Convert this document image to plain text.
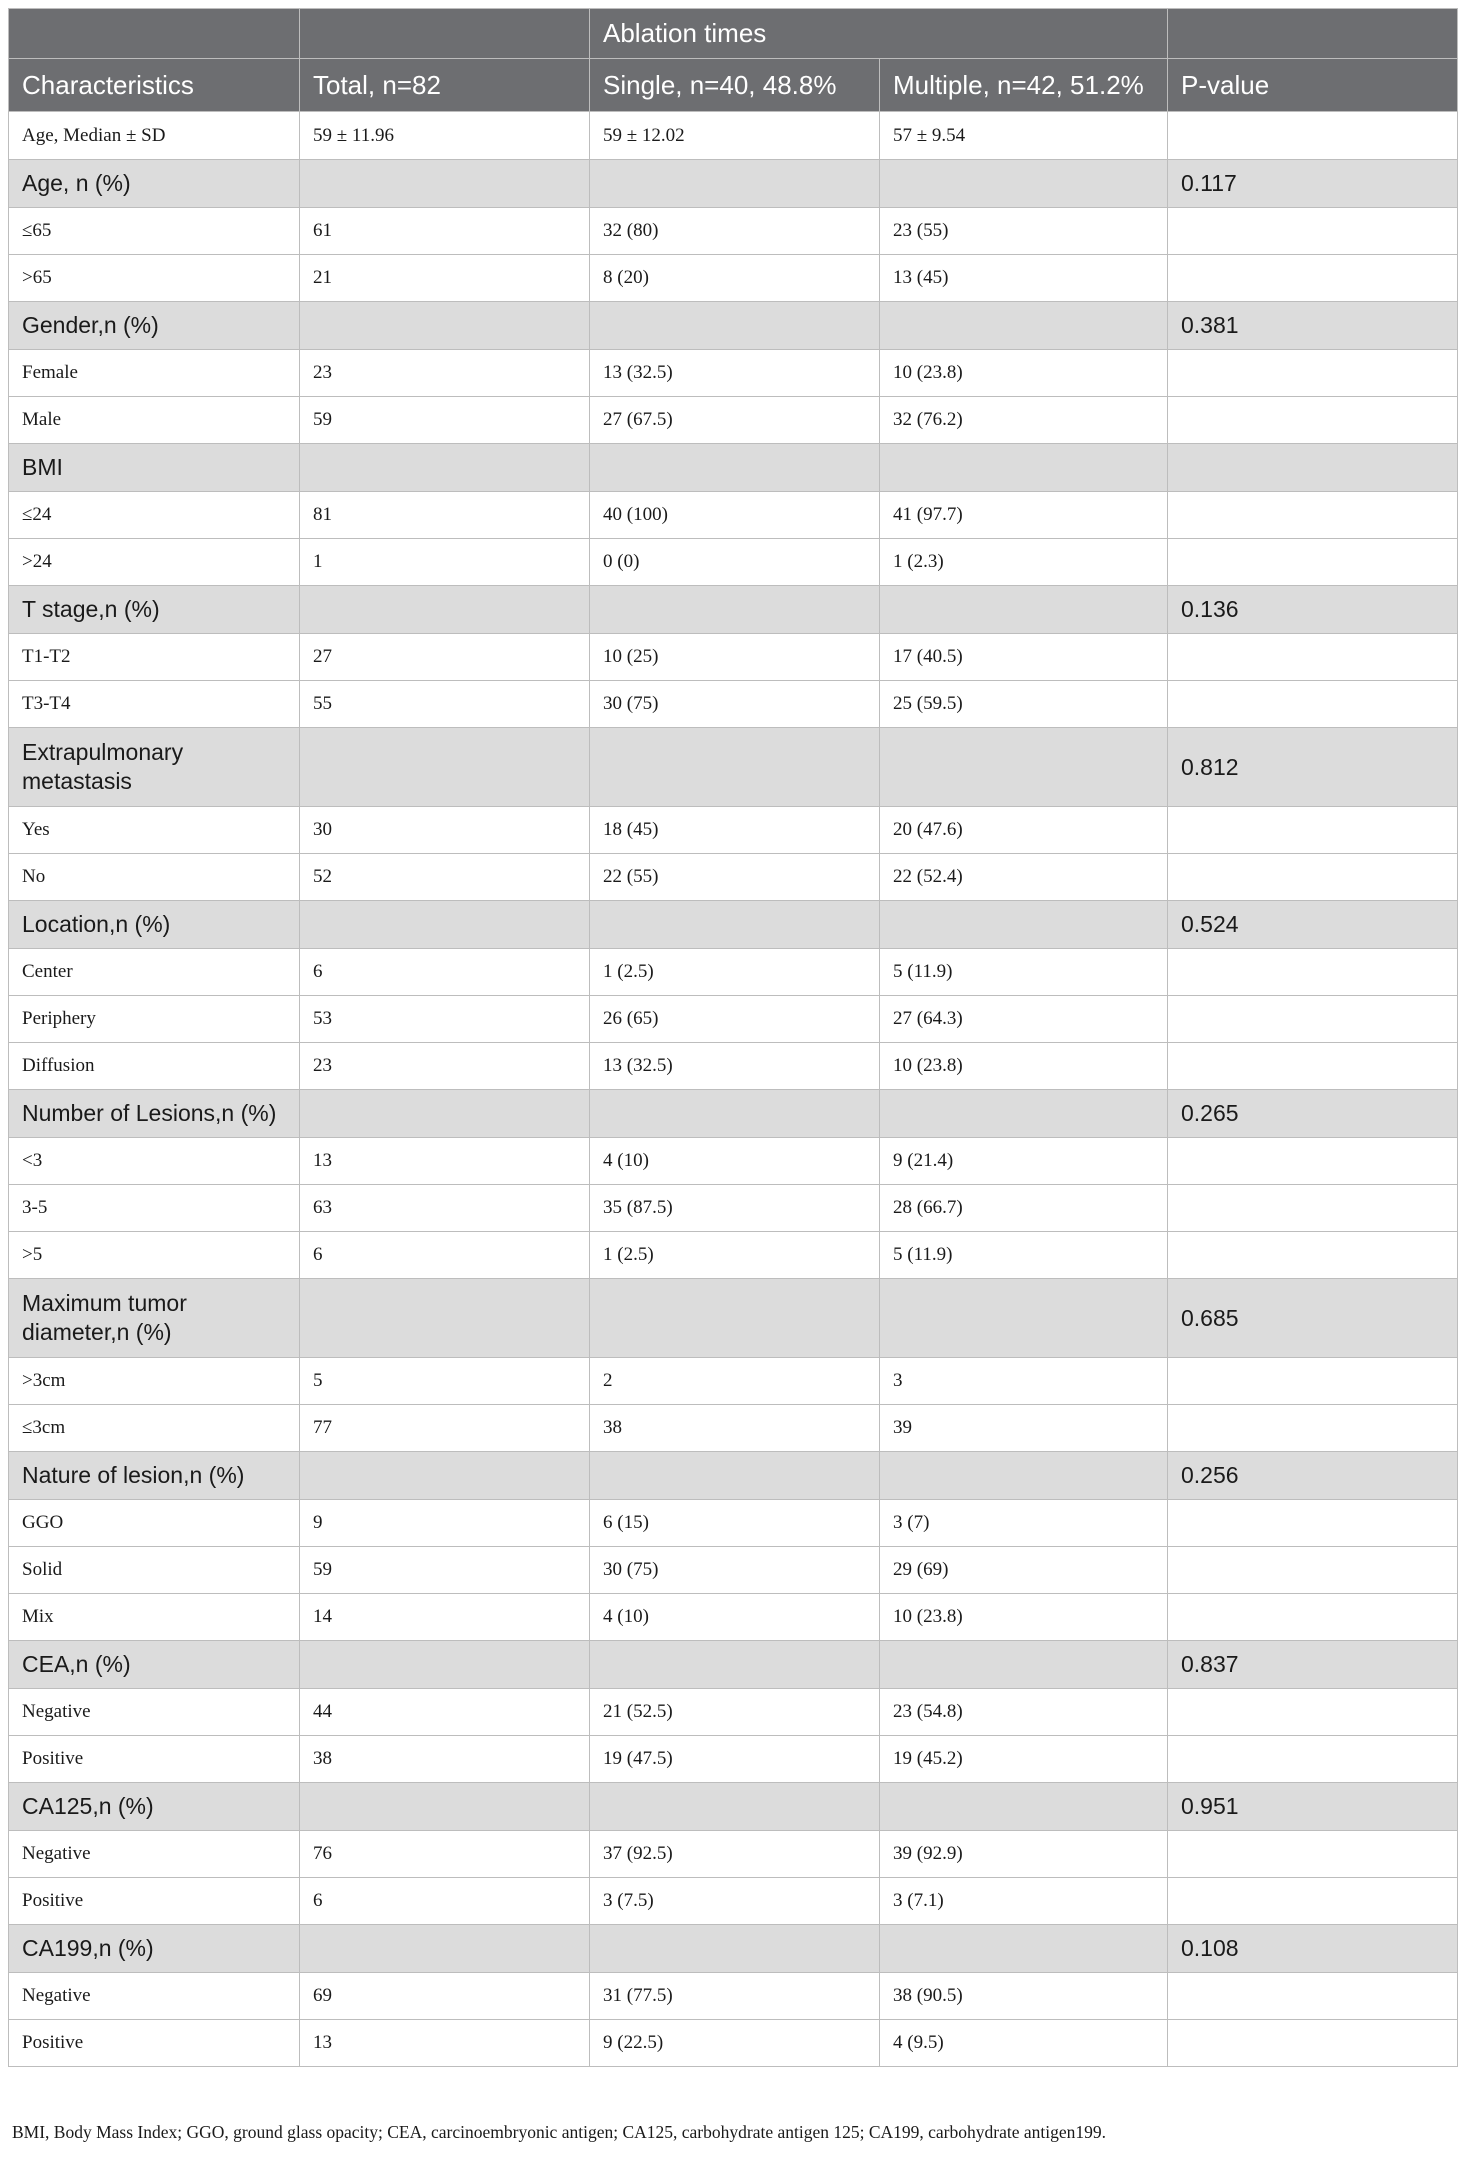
		Ablation times		
Characteristics	Total, n=82	Single, n=40, 48.8%	Multiple, n=42, 51.2%	P-value
Age, Median ± SD	59 ± 11.96	59 ± 12.02	57 ± 9.54	
Age, n (%)				0.117
≤65	61	32 (80)	23 (55)	
>65	21	8 (20)	13 (45)	
Gender,n (%)				0.381
Female	23	13 (32.5)	10 (23.8)	
Male	59	27 (67.5)	32 (76.2)	
BMI				
≤24	81	40 (100)	41 (97.7)	
>24	1	0 (0)	1 (2.3)	
T stage,n (%)				0.136
T1-T2	27	10 (25)	17 (40.5)	
T3-T4	55	30 (75)	25 (59.5)	
Extrapulmonary metastasis				0.812
Yes	30	18 (45)	20 (47.6)	
No	52	22 (55)	22 (52.4)	
Location,n (%)				0.524
Center	6	1 (2.5)	5 (11.9)	
Periphery	53	26 (65)	27 (64.3)	
Diffusion	23	13 (32.5)	10 (23.8)	
Number of Lesions,n (%)				0.265
<3	13	4 (10)	9 (21.4)	
3-5	63	35 (87.5)	28 (66.7)	
>5	6	1 (2.5)	5 (11.9)	
Maximum tumor diameter,n (%)				0.685
>3cm	5	2	3	
≤3cm	77	38	39	
Nature of lesion,n (%)				0.256
GGO	9	6 (15)	3 (7)	
Solid	59	30 (75)	29 (69)	
Mix	14	4 (10)	10 (23.8)	
CEA,n (%)				0.837
Negative	44	21 (52.5)	23 (54.8)	
Positive	38	19 (47.5)	19 (45.2)	
CA125,n (%)				0.951
Negative	76	37 (92.5)	39 (92.9)	
Positive	6	3 (7.5)	3 (7.1)	
CA199,n (%)				0.108
Negative	69	31 (77.5)	38 (90.5)	
Positive	13	9 (22.5)	4 (9.5)	
BMI, Body Mass Index; GGO, ground glass opacity; CEA, carcinoembryonic antigen; CA125, carbohydrate antigen 125; CA199, carbohydrate antigen199.
